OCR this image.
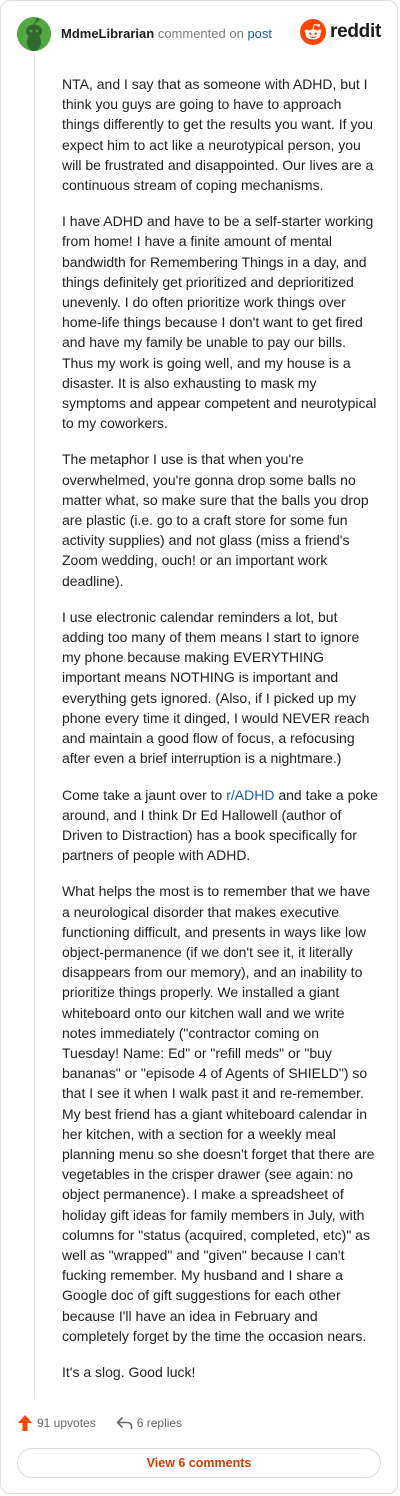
MdmeLibrarian commented on post	reddit

NTA, and I say that as someone with ADHD, but I think you guys are going to have to approach things differently to get the results you want. If you expect him to act like a neurotypical person, you will be frustrated and disappointed. Our lives are a continuous stream of coping mechanisms.

I have ADHD and have to be a self-starter working from home! I have a finite amount of mental bandwidth for Remembering Things in a day, and things definitely get prioritized and deprioritized unevenly. I do often prioritize work things over home-life things because I don't want to get fired and have my family be unable to pay our bills. Thus my work is going well, and my house is a disaster. It is also exhausting to mask my symptoms and appear competent and neurotypical to my coworkers.

The metaphor I use is that when you're overwhelmed, you're gonna drop some balls no matter what, so make sure that the balls you drop are plastic (i.e. go to a craft store for some fun activity supplies) and not glass (miss a friend's Zoom wedding, ouch! or an important work deadline).

I use electronic calendar reminders a lot, but adding too many of them means I start to ignore my phone because making EVERYTHING important means NOTHING is important and everything gets ignored. (Also, if I picked up my phone every time it dinged, I would NEVER reach and maintain a good flow of focus, a refocusing after even a brief interruption is a nightmare.)

Come take a jaunt over to r/ADHD and take a poke around, and I think Dr Ed Hallowell (author of Driven to Distraction) has a book specifically for partners of people with ADHD.

What helps the most is to remember that we have a neurological disorder that makes executive functioning difficult, and presents in ways like low object-permanence (if we don't see it, it literally disappears from our memory), and an inability to prioritize things properly. We installed a giant whiteboard onto our kitchen wall and we write notes immediately ("contractor coming on Tuesday! Name: Ed" or "refill meds" or "buy bananas" or "episode 4 of Agents of SHIELD") so that I see it when I walk past it and re-remember. My best friend has a giant whiteboard calendar in her kitchen, with a section for a weekly meal planning menu so she doesn't forget that there are vegetables in the crisper drawer (see again: no object permanence). I make a spreadsheet of holiday gift ideas for family members in July, with columns for "status (acquired, completed, etc)" as well as "wrapped" and "given" because I can't fucking remember. My husband and I share a Google doc of gift suggestions for each other because I'll have an idea in February and completely forget by the time the occasion nears.

It's a slog. Good luck!

91 upvotes	6 replies
View 6 comments
